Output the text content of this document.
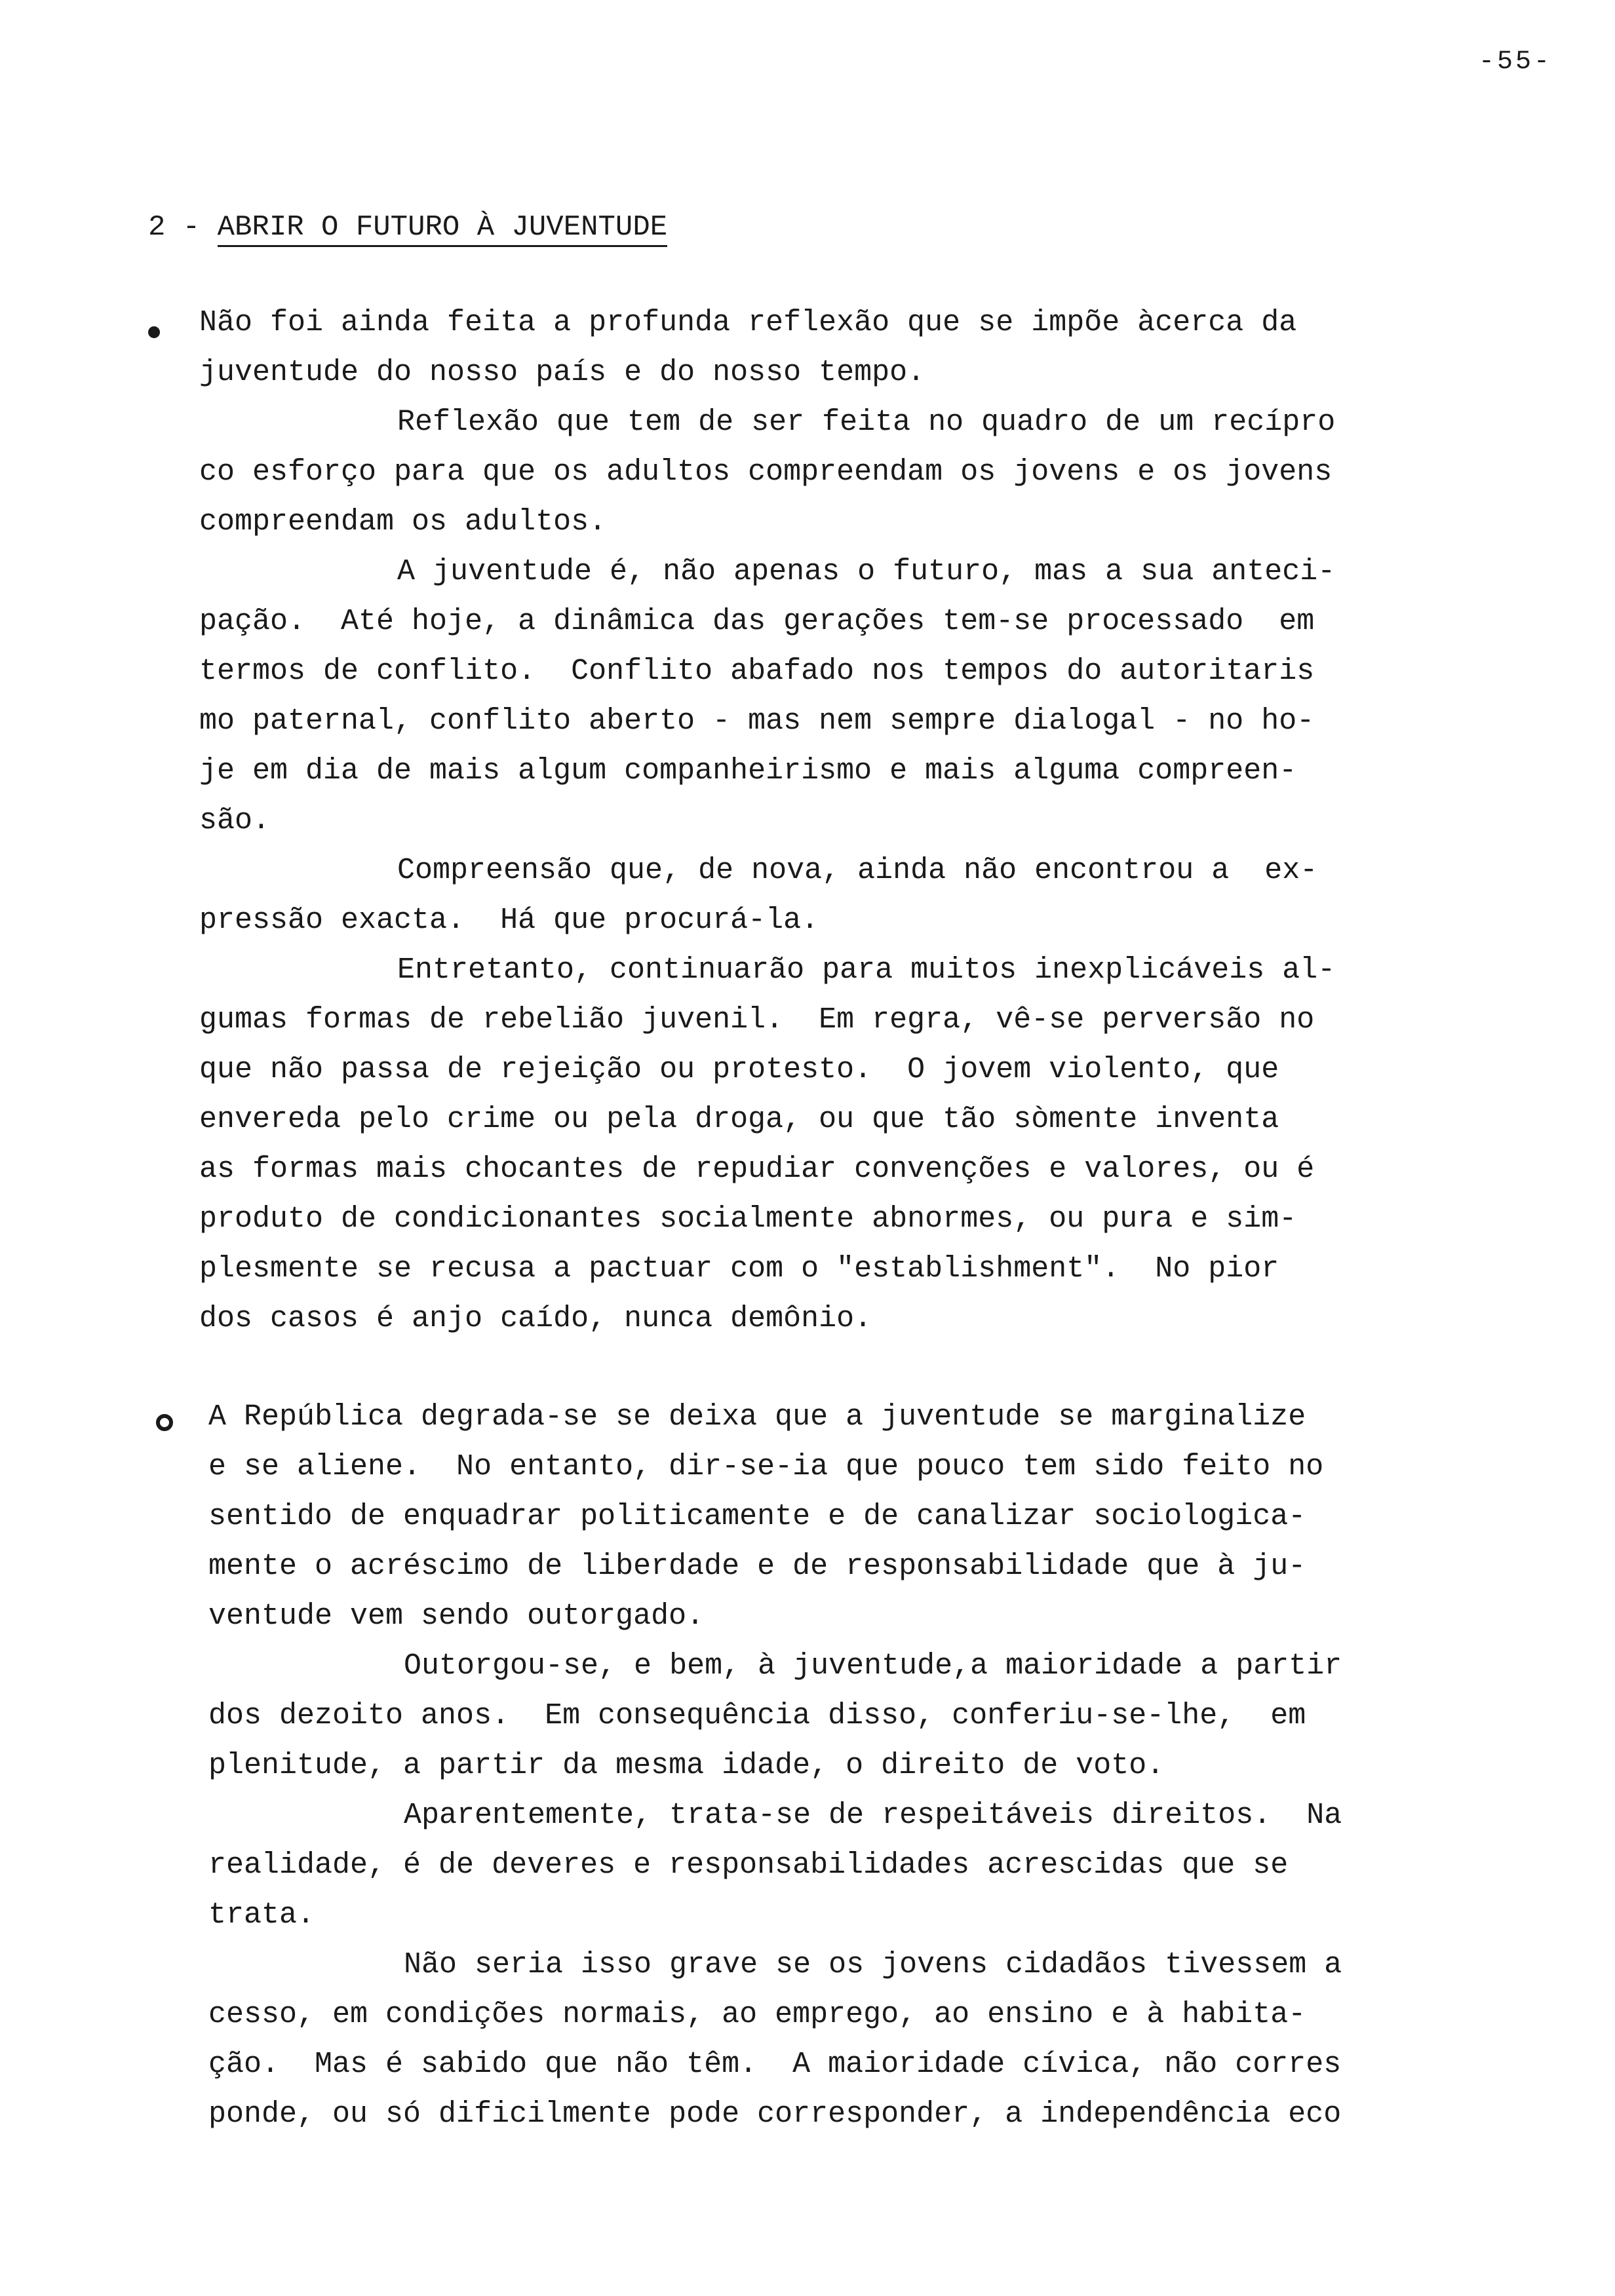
-55-
2 - ABRIR O FUTURO À JUVENTUDE
Não foi ainda feita a profunda reflexão que se impõe àcerca da
juventude do nosso país e do nosso tempo.
Reflexão que tem de ser feita no quadro de um recípro
co esforço para que os adultos compreendam os jovens e os jovens
compreendam os adultos.
A juventude é, não apenas o futuro, mas a sua anteci-
pação.  Até hoje, a dinâmica das gerações tem-se processado  em
termos de conflito.  Conflito abafado nos tempos do autoritaris
mo paternal, conflito aberto - mas nem sempre dialogal - no ho-
je em dia de mais algum companheirismo e mais alguma compreen-
são.
Compreensão que, de nova, ainda não encontrou a  ex-
pressão exacta.  Há que procurá-la.
Entretanto, continuarão para muitos inexplicáveis al-
gumas formas de rebelião juvenil.  Em regra, vê-se perversão no
que não passa de rejeição ou protesto.  O jovem violento, que
envereda pelo crime ou pela droga, ou que tão sòmente inventa
as formas mais chocantes de repudiar convenções e valores, ou é
produto de condicionantes socialmente abnormes, ou pura e sim-
plesmente se recusa a pactuar com o "establishment".  No pior
dos casos é anjo caído, nunca demônio.
A República degrada-se se deixa que a juventude se marginalize
e se aliene.  No entanto, dir-se-ia que pouco tem sido feito no
sentido de enquadrar politicamente e de canalizar sociologica-
mente o acréscimo de liberdade e de responsabilidade que à ju-
ventude vem sendo outorgado.
Outorgou-se, e bem, à juventude,a maioridade a partir
dos dezoito anos.  Em consequência disso, conferiu-se-lhe,  em
plenitude, a partir da mesma idade, o direito de voto.
Aparentemente, trata-se de respeitáveis direitos.  Na
realidade, é de deveres e responsabilidades acrescidas que se
trata.
Não seria isso grave se os jovens cidadãos tivessem a
cesso, em condições normais, ao emprego, ao ensino e à habita-
ção.  Mas é sabido que não têm.  A maioridade cívica, não corres
ponde, ou só dificilmente pode corresponder, a independência eco
